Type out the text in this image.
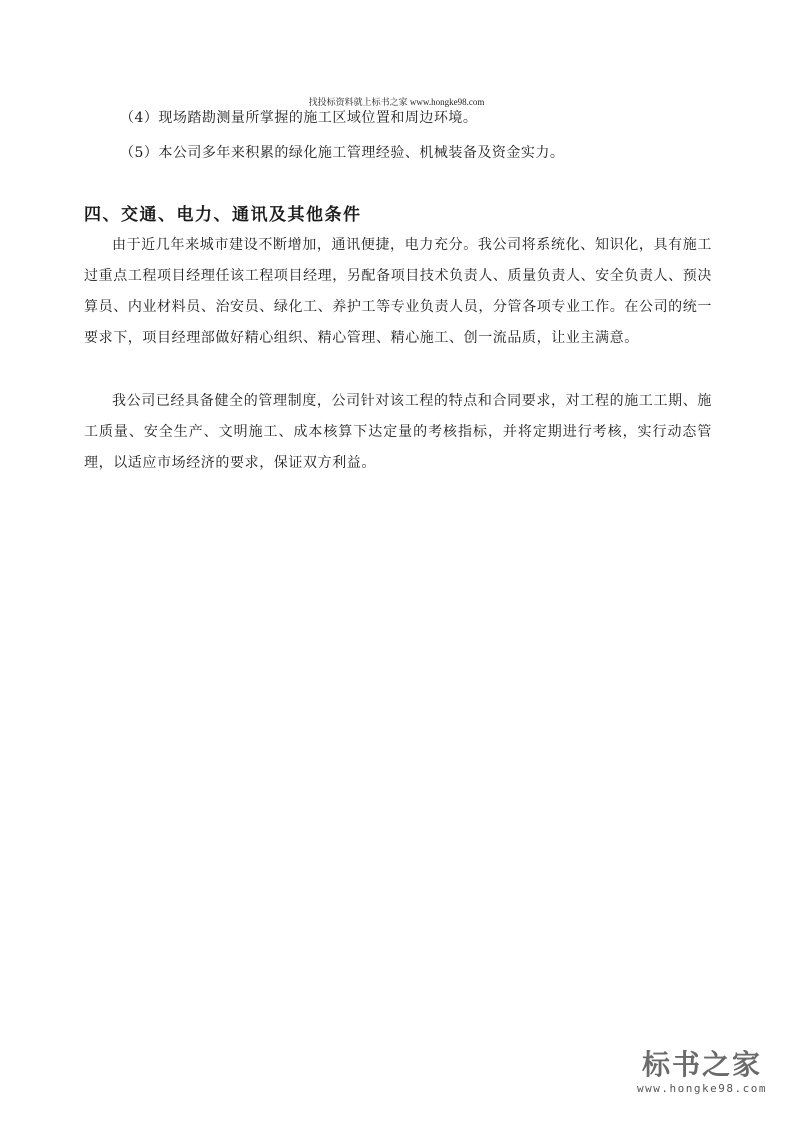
找投标资料就上标书之家 www.hongke98.com
（4）现场踏勘测量所掌握的施工区域位置和周边环境。
（5）本公司多年来积累的绿化施工管理经验、机械装备及资金实力。
四、交通、电力、通讯及其他条件

由于近几年来城市建设不断增加，通讯便捷，电力充分。我公司将系统化、知识化，具有施工过重点工程项目经理任该工程项目经理，另配备项目技术负责人、质量负责人、安全负责人、预决算员、内业材料员、治安员、绿化工、养护工等专业负责人员，分管各项专业工作。在公司的统一要求下，项目经理部做好精心组织、精心管理、精心施工、创一流品质，让业主满意。

我公司已经具备健全的管理制度，公司针对该工程的特点和合同要求，对工程的施工工期、施工质量、安全生产、文明施工、成本核算下达定量的考核指标，并将定期进行考核，实行动态管理，以适应市场经济的要求，保证双方利益。

标书之家
www.hongke98.com
